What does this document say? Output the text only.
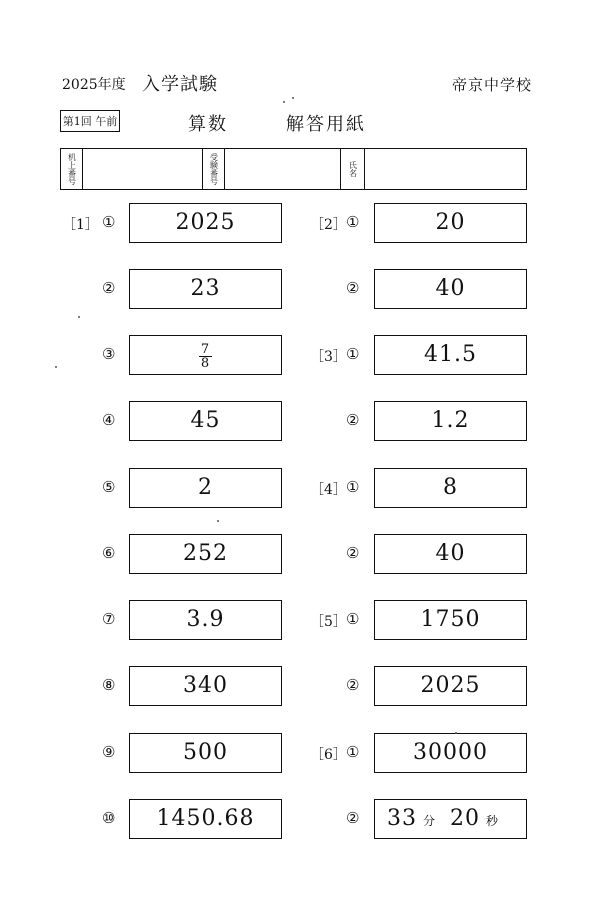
2025年度 入学試験	帝京中学校
第1回 午前	算数	解答用紙
机上番号	受験番号	氏名
［1］ ①	2025
②	23
③	$\frac{7}{8}$
④	45
⑤	2
⑥	252
⑦	3.9
⑧	340
⑨	500
⑩	1450.68
［2］ ①	20
②	40
［3］ ①	41.5
②	1.2
［4］ ①	8
②	40
［5］ ①	1750
②	2025
［6］ ①	30000
②	33 分 20 秒
